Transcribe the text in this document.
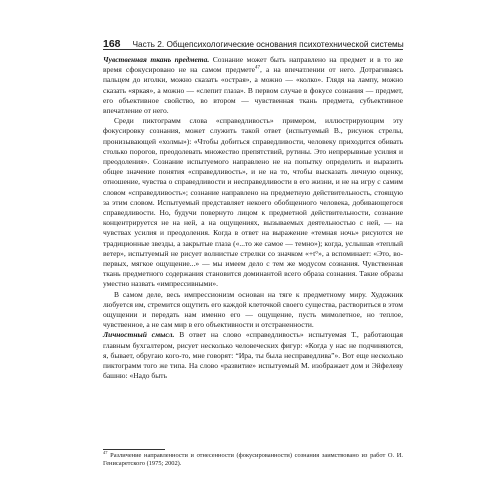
168 Часть 2. Общепсихологические основания психотехнической системы

Чувственная ткань предмета. Сознание может быть направлено на предмет и в то же время сфокусировано не на самом предмете$^{47}$, а на впечатлении от него. Дотрагиваясь пальцем до иголки, можно сказать «острая», а можно — «колко». Глядя на лампу, можно сказать «яркая», а можно — «слепит глаза». В первом случае в фокусе сознания — предмет, его объективное свойство, во втором — чувственная ткань предмета, субъективное впечатление от него.

Среди пиктограмм слова «справедливость» примером, иллюстрирующим эту фокусировку сознания, может служить такой ответ (испытуемый В., рисунок стрелы, пронизывающей «холмы»): «Чтобы добиться справедливости, человеку приходится обивать столько порогов, преодолевать множество препятствий, рутины. Это непрерывные усилия и преодоления». Сознание испытуемого направлено не на попытку определить и выразить общее значение понятия «справедливость», и не на то, чтобы высказать личную оценку, отношение, чувства о справедливости и несправедливости в его жизни, и не на игру с самим словом «справедливость»; сознание направлено на предметную действительность, стоящую за этим словом. Испытуемый представляет некоего обобщенного человека, добивающегося справедливости. Но, будучи повернуто лицом к предметной действительности, сознание концентрируется не на ней, а на ощущениях, вызываемых деятельностью с ней, — на чувствах усилия и преодоления. Когда в ответ на выражение «темная ночь» рисуются не традиционные звезды, а закрытые глаза («...то же самое — темно»); когда, услышав «теплый ветер», испытуемый не рисует волнистые стрелки со значком «+t°», а вспоминает: «Это, во-первых, мягкое ощущение...» — мы имеем дело с тем же модусом сознания. Чувственная ткань предметного содержания становится доминантой всего образа сознания. Такие образы уместно назвать «импрессивными».

В самом деле, весь импрессионизм основан на тяге к предметному миру. Художник любуется им, стремится ощутить его каждой клеточкой своего существа, раствориться в этом ощущении и передать нам именно его — ощущение, пусть мимолетное, но теплое, чувственное, а не сам мир в его объективности и отстраненности.

Личностный смысл. В ответ на слово «справедливость» испытуемая Т., работающая главным бухгалтером, рисует несколько человеческих фигур: «Когда у нас не подчиняются, я, бывает, обругаю кого-то, мне говорят: “Ира, ты была несправедлива”». Вот еще несколько пиктограмм того же типа. На слово «развитие» испытуемый М. изображает дом и Эйфелеву башню: «Надо быть

$^{47}$ Различение направленности и отнесенности (фокусированности) сознания заимствовано из работ О. И. Генисаретского (1975; 2002).
